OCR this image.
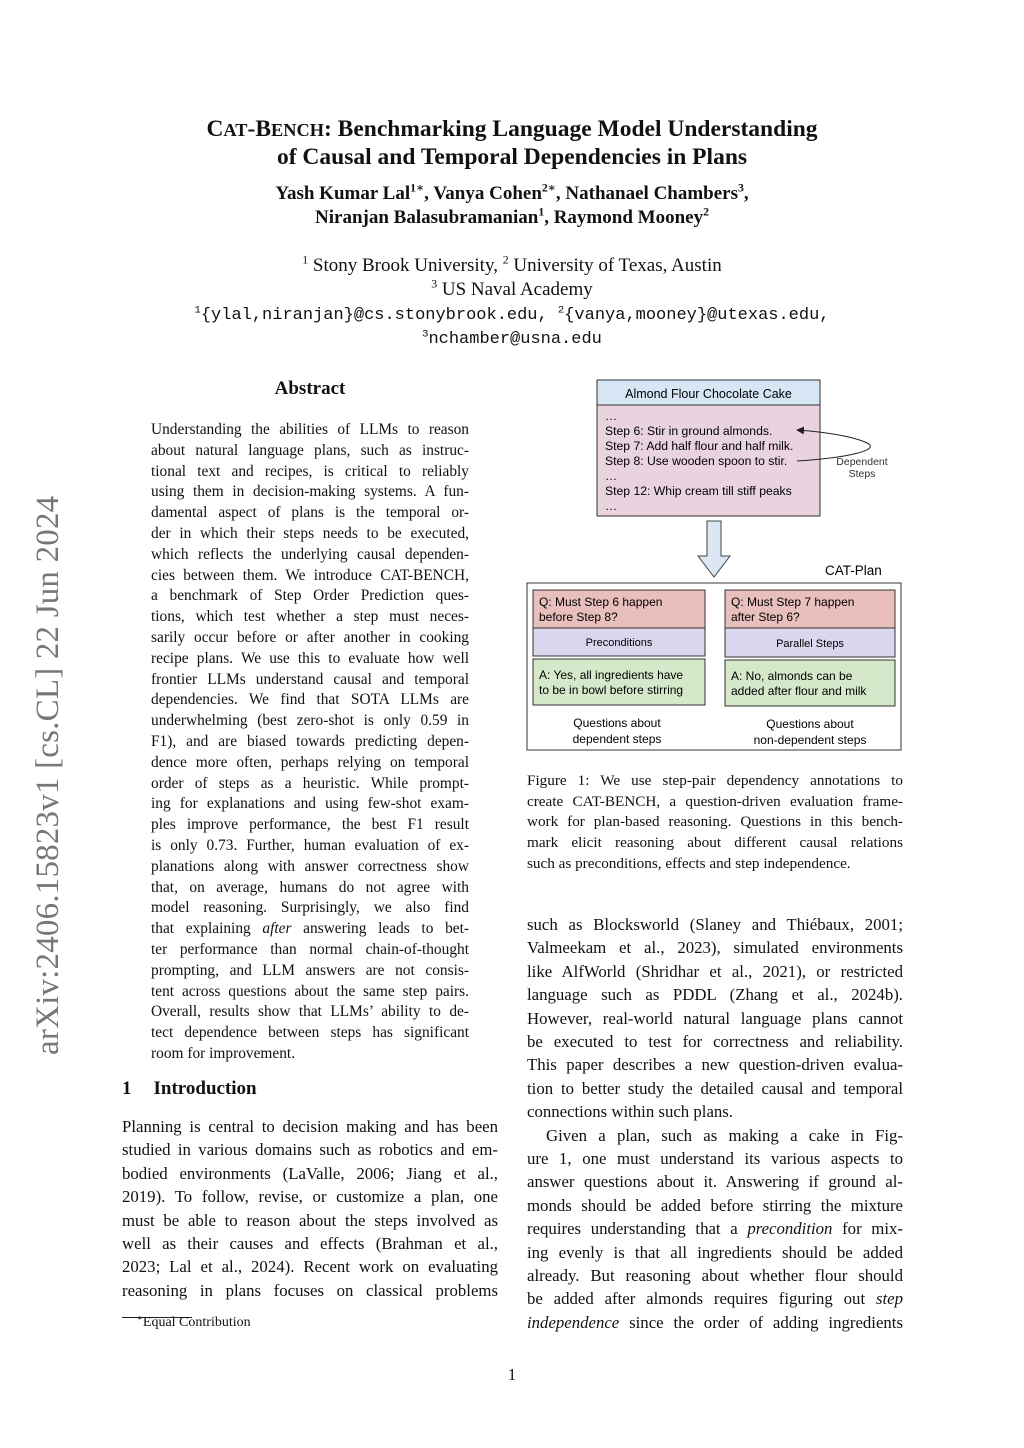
arXiv:2406.15823v1 [cs.CL] 22 Jun 2024
CAT-BENCH: Benchmarking Language Model Understanding
of Causal and Temporal Dependencies in Plans
Yash Kumar Lal$^{1∗}$, Vanya Cohen$^{2∗}$, Nathanael Chambers$^3$,
Niranjan Balasubramanian$^1$, Raymond Mooney$^2$
$^1$ Stony Brook University, $^2$ University of Texas, Austin
$^3$ US Naval Academy
$^1${ylal,niranjan}@cs.stonybrook.edu, $^2${vanya,mooney}@utexas.edu,
$^3$nchamber@usna.edu
Abstract
Understanding the abilities of LLMs to reason
about natural language plans, such as instruc-
tional text and recipes, is critical to reliably
using them in decision-making systems. A fun-
damental aspect of plans is the temporal or-
der in which their steps needs to be executed,
which reflects the underlying causal dependen-
cies between them. We introduce CAT-BENCH,
a benchmark of Step Order Prediction ques-
tions, which test whether a step must neces-
sarily occur before or after another in cooking
recipe plans. We use this to evaluate how well
frontier LLMs understand causal and temporal
dependencies. We find that SOTA LLMs are
underwhelming (best zero-shot is only 0.59 in
F1), and are biased towards predicting depen-
dence more often, perhaps relying on temporal
order of steps as a heuristic. While prompt-
ing for explanations and using few-shot exam-
ples improve performance, the best F1 result
is only 0.73. Further, human evaluation of ex-
planations along with answer correctness show
that, on average, humans do not agree with
model reasoning. Surprisingly, we also find
that explaining after answering leads to bet-
ter performance than normal chain-of-thought
prompting, and LLM answers are not consis-
tent across questions about the same step pairs.
Overall, results show that LLMs’ ability to de-
tect dependence between steps has significant
room for improvement.
1 Introduction
Planning is central to decision making and has been
studied in various domains such as robotics and em-
bodied environments (LaValle, 2006; Jiang et al.,
2019). To follow, revise, or customize a plan, one
must be able to reason about the steps involved as
well as their causes and effects (Brahman et al.,
2023; Lal et al., 2024). Recent work on evaluating
reasoning in plans focuses on classical problems
such as Blocksworld (Slaney and Thiébaux, 2001;
Valmeekam et al., 2023), simulated environments
like AlfWorld (Shridhar et al., 2021), or restricted
language such as PDDL (Zhang et al., 2024b).
However, real-world natural language plans cannot
be executed to test for correctness and reliability.
This paper describes a new question-driven evalua-
tion to better study the detailed causal and temporal
connections within such plans.
Given a plan, such as making a cake in Fig-
ure 1, one must understand its various aspects to
answer questions about it. Answering if ground al-
monds should be added before stirring the mixture
requires understanding that a precondition for mix-
ing evenly is that all ingredients should be added
already. But reasoning about whether flour should
be added after almonds requires figuring out step
independence since the order of adding ingredients
Almond Flour Chocolate Cake
…
Step 6: Stir in ground almonds.
Step 7: Add half flour and half milk.
Step 8: Use wooden spoon to stir.
…
Step 12: Whip cream till stiff peaks
…
Dependent
Steps
CAT-Plan
Q: Must Step 6 happen
before Step 8?
Preconditions
A: Yes, all ingredients have
to be in bowl before stirring
Questions about
dependent steps
Q: Must Step 7 happen
after Step 6?
Parallel Steps
A: No, almonds can be
added after flour and milk
Questions about
non-dependent steps
Figure 1: We use step-pair dependency annotations to
create CAT-BENCH, a question-driven evaluation frame-
work for plan-based reasoning. Questions in this bench-
mark elicit reasoning about different causal relations
such as preconditions, effects and step independence.
∗Equal Contribution
1
